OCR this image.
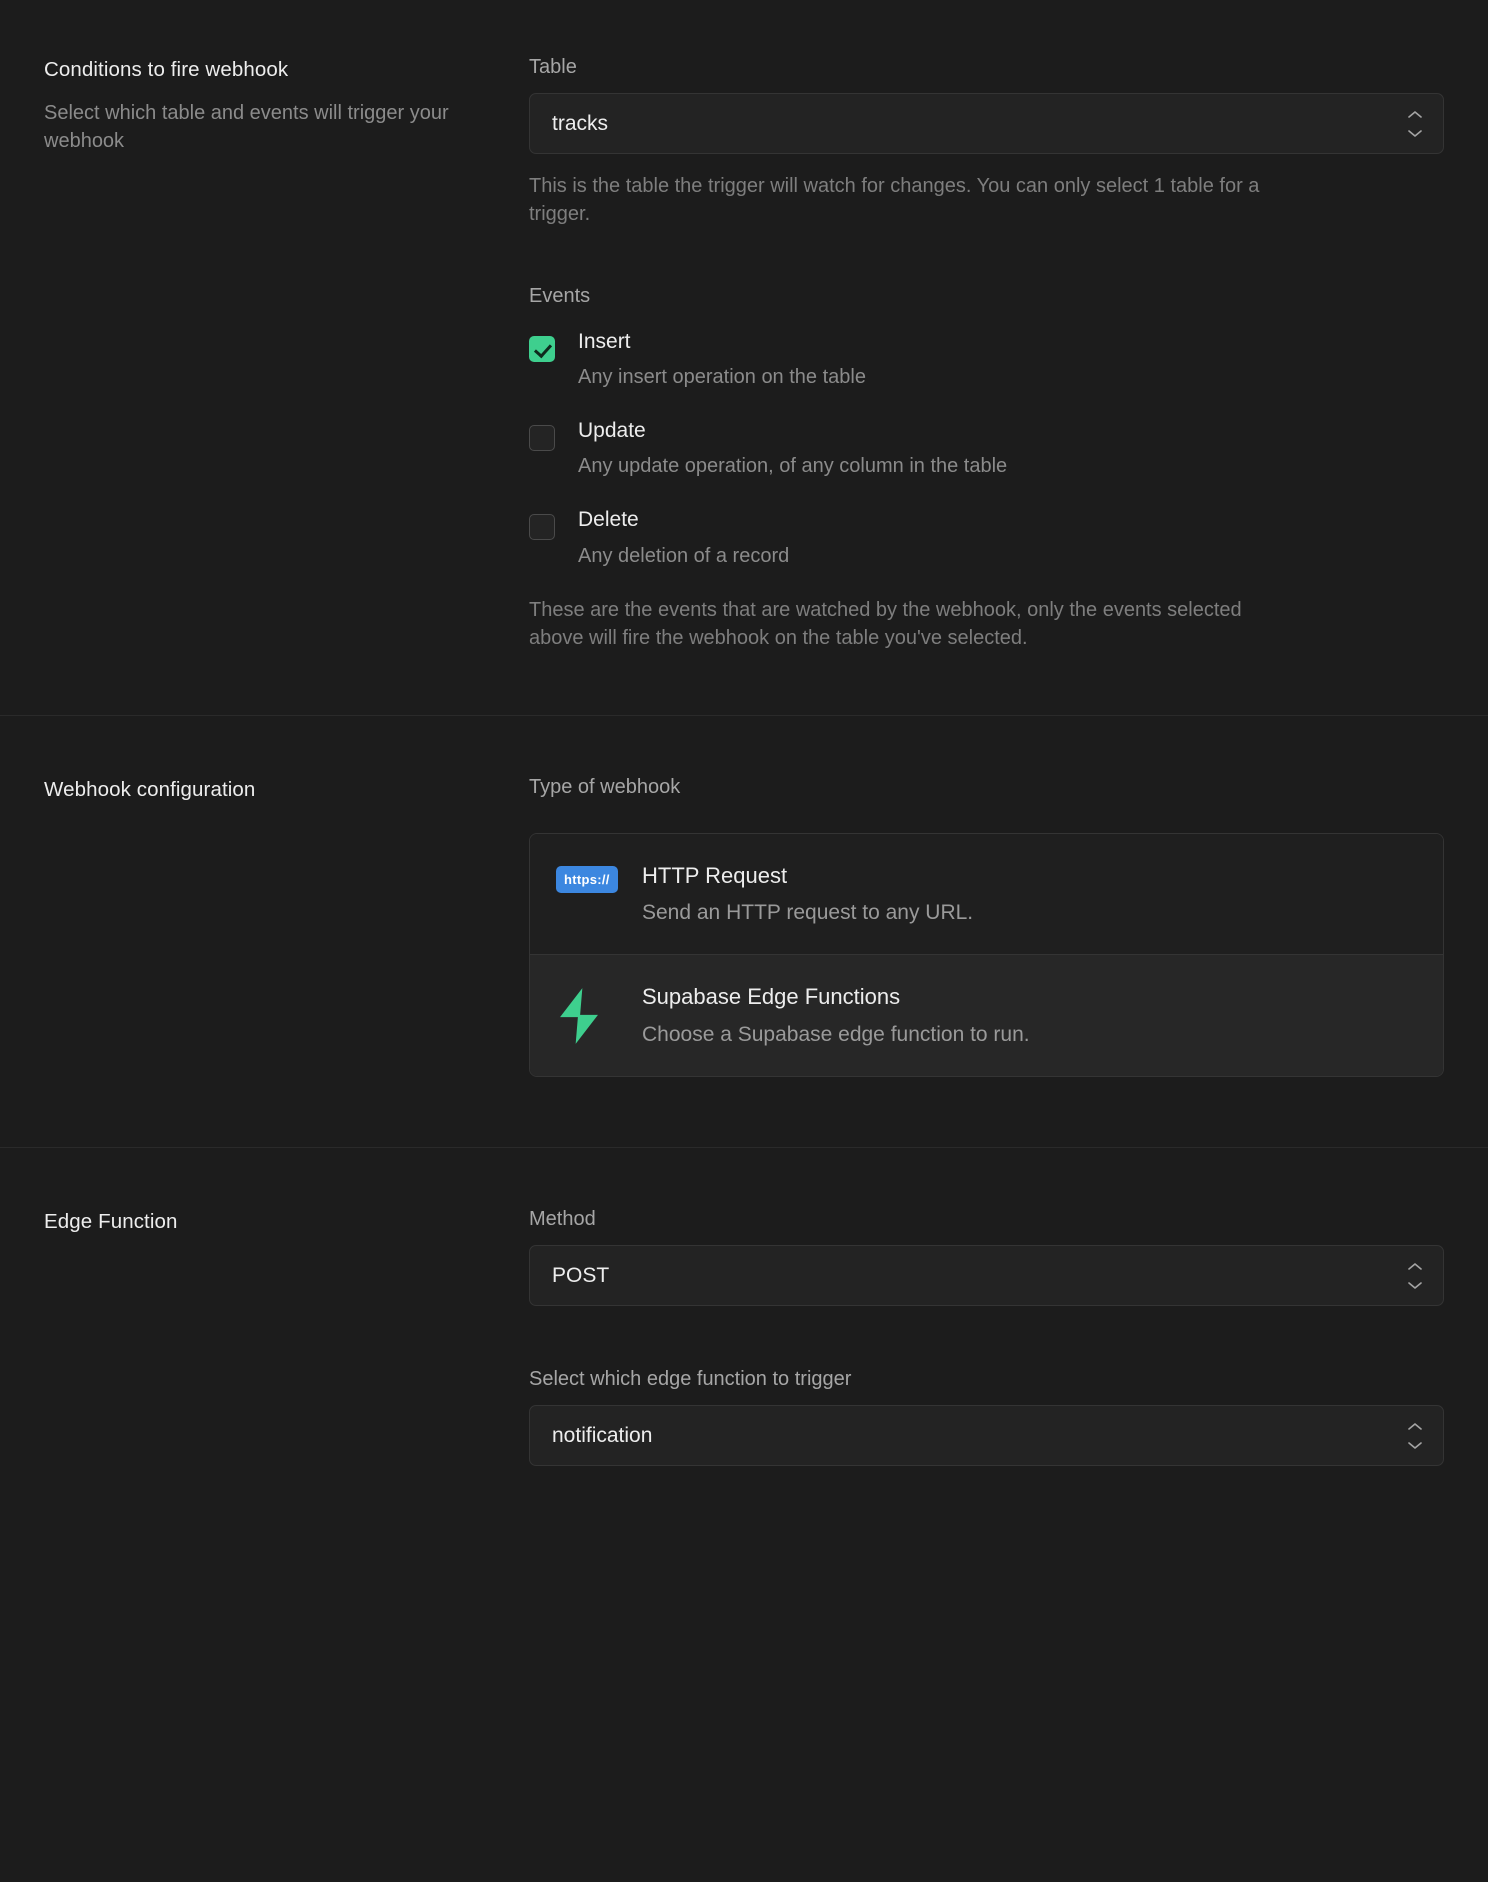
Conditions to fire webhook
Select which table and events will trigger your webhook
Table
tracks
This is the table the trigger will watch for changes. You can only select 1 table for a trigger.
Events
Insert
Any insert operation on the table
Update
Any update operation, of any column in the table
Delete
Any deletion of a record
These are the events that are watched by the webhook, only the events selected above will fire the webhook on the table you've selected.
Webhook configuration	Type of webhook
https://	HTTP Request
Send an HTTP request to any URL.
Supabase Edge Functions
Choose a Supabase edge function to run.
Edge Function	Method
POST
Select which edge function to trigger
notification
